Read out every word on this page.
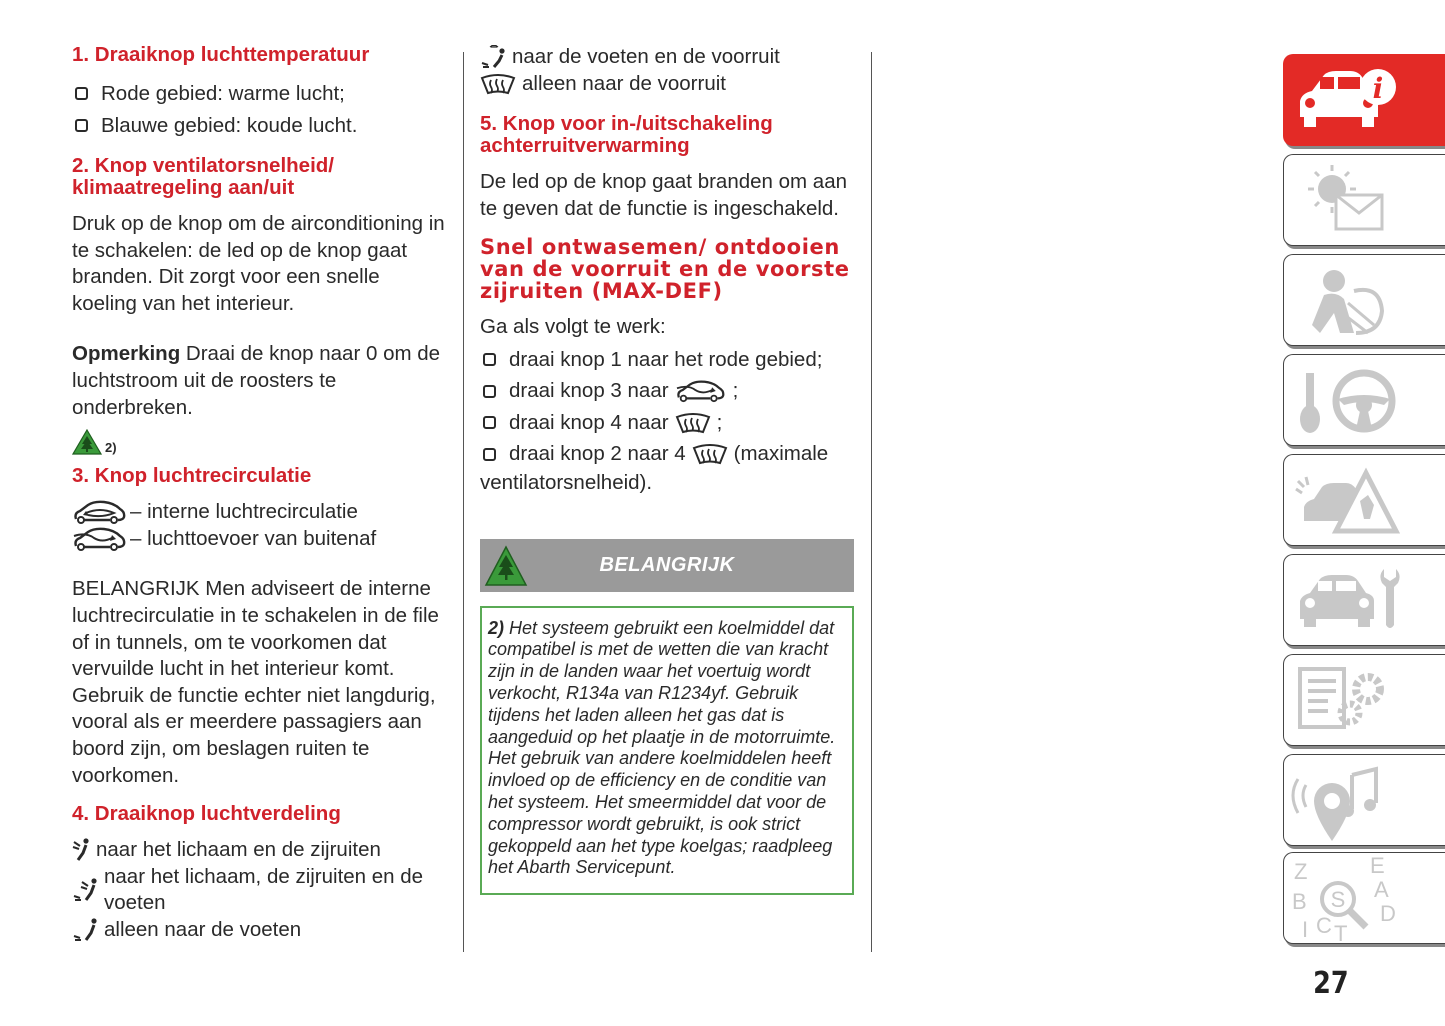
1. Draaiknop luchttemperatuur
Rode gebied: warme lucht;
Blauwe gebied: koude lucht.
2. Knop ventilatorsnelheid/ klimaatregeling aan/uit

Druk op de knop om de airconditioning in te schakelen: de led op de knop gaat branden. Dit zorgt voor een snelle koeling van het interieur.

Opmerking Draai de knop naar 0 om de luchtstroom uit de roosters te onderbreken.

2)
3. Knop luchtrecirculatie
– interne luchtrecirculatie
– luchttoevoer van buitenaf

BELANGRIJK Men adviseert de interne luchtrecirculatie in te schakelen in de file of in tunnels, om te voorkomen dat vervuilde lucht in het interieur komt. Gebruik de functie echter niet langdurig, vooral als er meerdere passagiers aan boord zijn, om beslagen ruiten te voorkomen.

4. Draaiknop luchtverdeling
naar het lichaam en de zijruiten
naar het lichaam, de zijruiten en de voeten
alleen naar de voeten
naar de voeten en de voorruit
alleen naar de voorruit
5. Knop voor in-/uitschakeling achterruitverwarming

De led op de knop gaat branden om aan te geven dat de functie is ingeschakeld.

Snel ontwasemen/ ontdooien van de voorruit en de voorste zijruiten (MAX-DEF)

Ga als volgt te werk:

draai knop 1 naar het rode gebied;
draai knop 3 naar	;
draai knop 4 naar ;
draai knop 2 naar 4 (maximale

ventilatorsnelheid).

BELANGRIJK
2) Het systeem gebruikt een koelmiddel dat compatibel is met de wetten die van kracht zijn in de landen waar het voertuig wordt verkocht, R134a van R1234yf. Gebruik tijdens het laden alleen het gas dat is aangeduid op het plaatje in de motorruimte. Het gebruik van andere koelmiddelen heeft invloed op de efficiency en de conditie van het systeem. Het smeermiddel dat voor de compressor wordt gebruikt, is ook strict gekoppeld aan het type koelgas; raadpleeg het Abarth Servicepunt.
i
Z	E
A
B	D
I C T
S
27
